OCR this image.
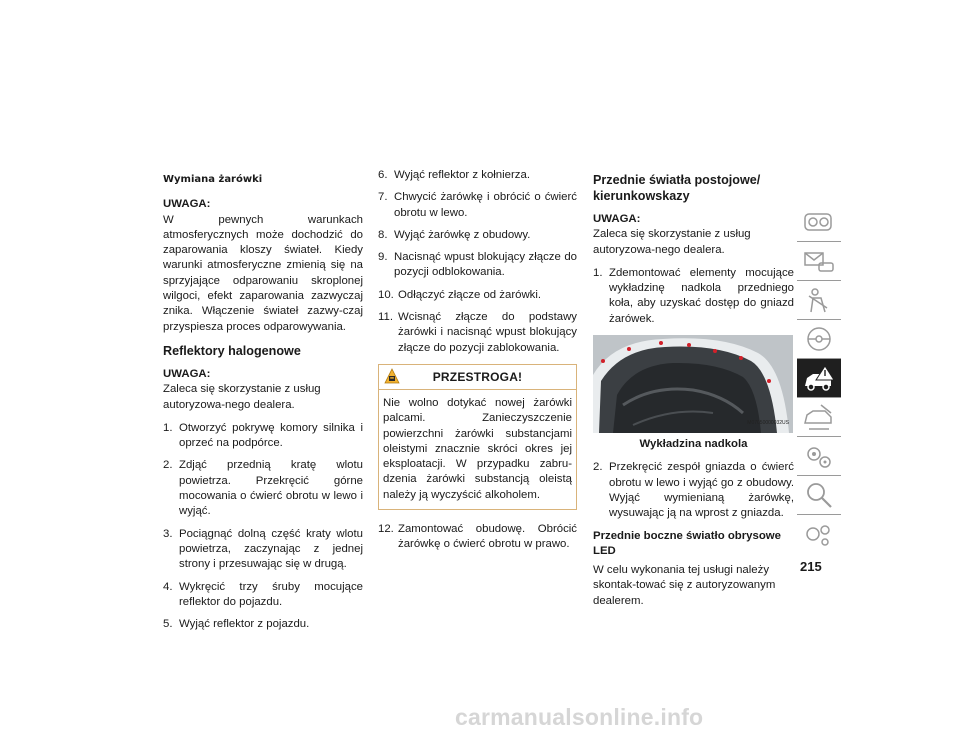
Wymiana żarówki

UWAGA:

W pewnych warunkach atmosferycznych może dochodzić do zaparowania kloszy świateł. Kiedy warunki atmosferyczne zmienią się na sprzyjające odparowaniu skroplonej wilgoci, efekt zaparowania zazwyczaj znika. Włączenie świateł zazwy-czaj przyspiesza proces odparowywania.

Reflektory halogenowe

UWAGA:

Zaleca się skorzystanie z usług autoryzowa-nego dealera.

1. Otworzyć pokrywę komory silnika i oprzeć na podpórce.
2. Zdjąć przednią kratę wlotu powietrza. Przekręcić górne mocowania o ćwierć obrotu w lewo i wyjąć.
3. Pociągnąć dolną część kraty wlotu powietrza, zaczynając z jednej strony i przesuwając się w drugą.
4. Wykręcić trzy śruby mocujące reflektor do pojazdu.
5. Wyjąć reflektor z pojazdu.
6. Wyjąć reflektor z kołnierza.
7. Chwycić żarówkę i obrócić o ćwierć obrotu w lewo.
8. Wyjąć żarówkę z obudowy.
9. Nacisnąć wpust blokujący złącze do pozycji odblokowania.
10. Odłączyć złącze od żarówki.
11. Wcisnąć złącze do podstawy żarówki i nacisnąć wpust blokujący złącze do pozycji zablokowania.
PRZESTROGA!
Nie wolno dotykać nowej żarówki palcami. Zanieczyszczenie powierzchni żarówki substancjami oleistymi znacznie skróci okres jej eksploatacji. W przypadku zabru-dzenia żarówki substancją oleistą należy ją wyczyścić alkoholem.
12. Zamontować obudowę. Obrócić żarówkę o ćwierć obrotu w prawo.
Przednie światła postojowe/ kierunkowskazy

UWAGA:

Zaleca się skorzystanie z usług autoryzowa-nego dealera.

1. Zdemontować elementy mocujące wykładzinę nadkola przedniego koła, aby uzyskać dostęp do gniazd żarówek.
M07050000032US
Wykładzina nadkola
2. Przekręcić zespół gniazda o ćwierć obrotu w lewo i wyjąć go z obudowy. Wyjąć wymienianą żarówkę, wysuwając ją na wprost z gniazda.

Przednie boczne światło obrysowe LED

W celu wykonania tej usługi należy skontak-tować się z autoryzowanym dealerem.

215
carmanualsonline.info
